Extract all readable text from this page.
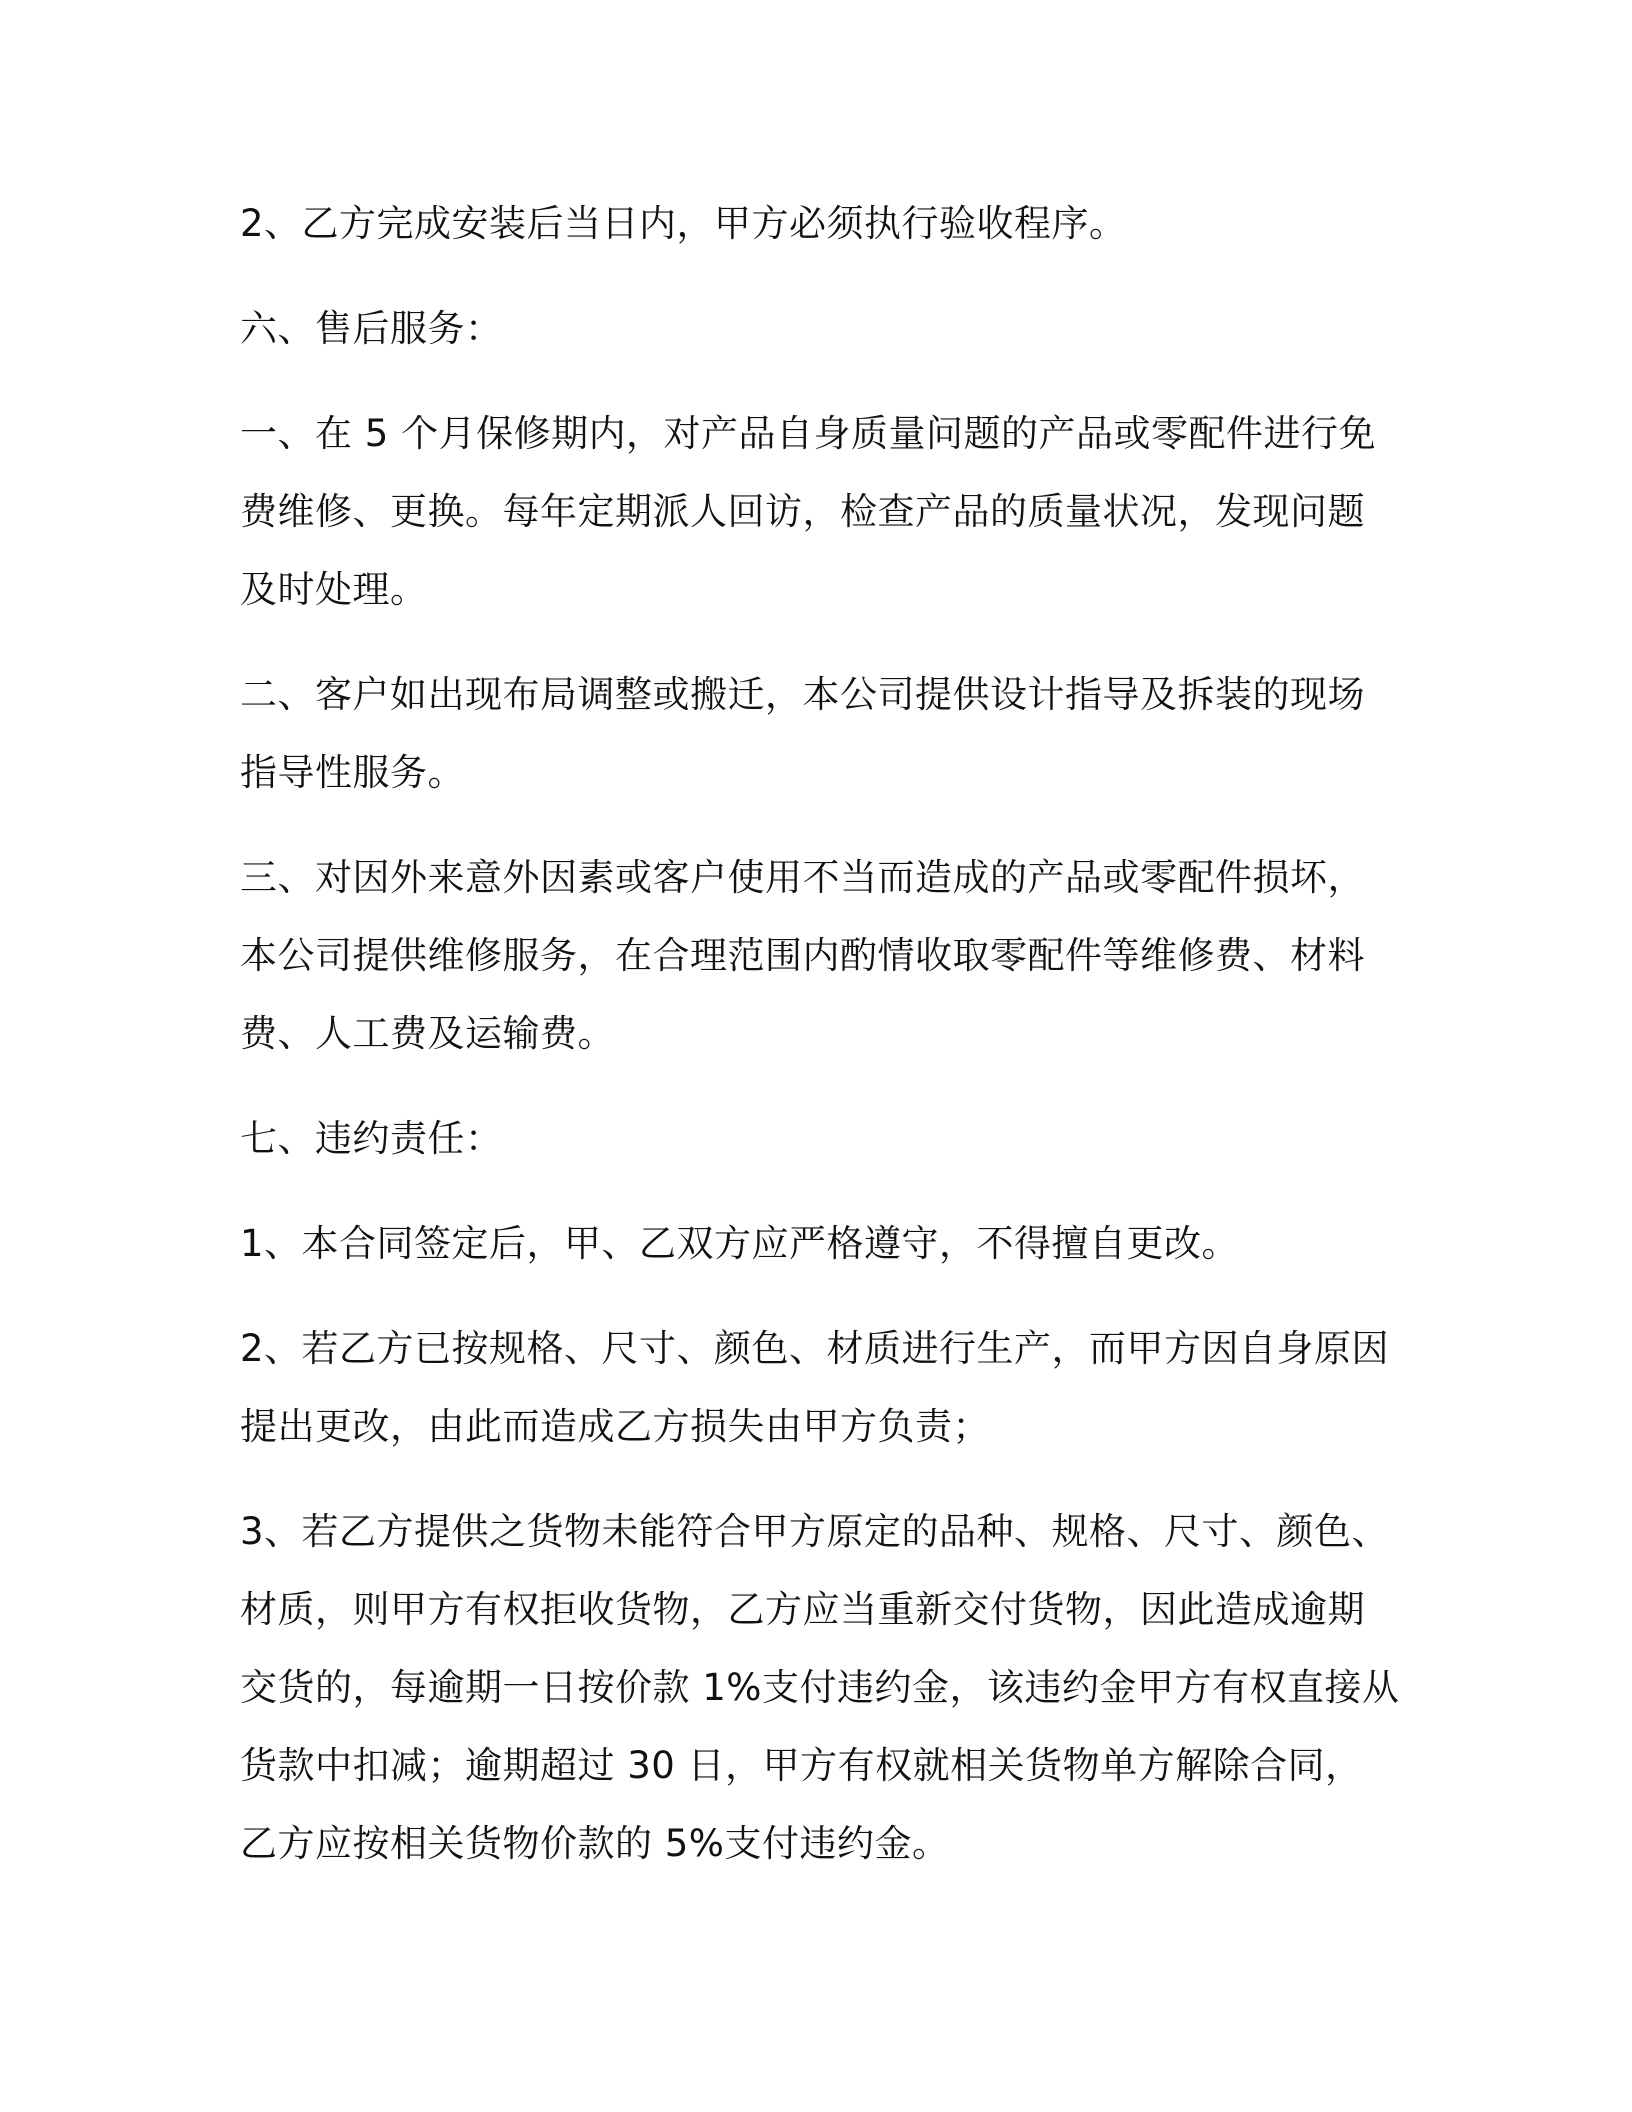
2、乙方完成安装后当日内，甲方必须执行验收程序。

六、售后服务：

一、在 5 个月保修期内，对产品自身质量问题的产品或零配件进行免费维修、更换。每年定期派人回访，检查产品的质量状况，发现问题及时处理。

二、客户如出现布局调整或搬迁，本公司提供设计指导及拆装的现场指导性服务。

三、对因外来意外因素或客户使用不当而造成的产品或零配件损坏，本公司提供维修服务，在合理范围内酌情收取零配件等维修费、材料费、人工费及运输费。

七、违约责任：

1、本合同签定后，甲、乙双方应严格遵守，不得擅自更改。

2、若乙方已按规格、尺寸、颜色、材质进行生产，而甲方因自身原因提出更改，由此而造成乙方损失由甲方负责；

3、若乙方提供之货物未能符合甲方原定的品种、规格、尺寸、颜色、材质，则甲方有权拒收货物，乙方应当重新交付货物，因此造成逾期交货的，每逾期一日按价款 1%支付违约金，该违约金甲方有权直接从货款中扣减；逾期超过 30 日，甲方有权就相关货物单方解除合同，乙方应按相关货物价款的 5%支付违约金。
